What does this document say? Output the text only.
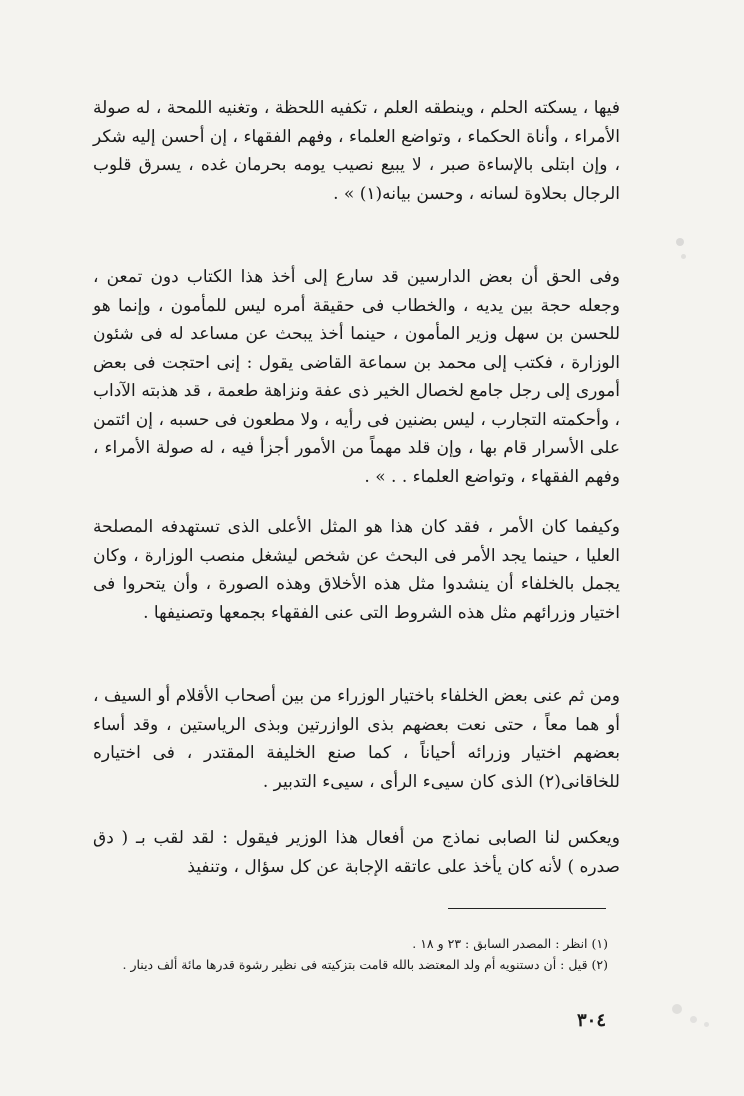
فيها ، يسكته الحلم ، وينطقه العلم ، تكفيه اللحظة ، وتغنيه اللمحة ، له صولة الأمراء ، وأناة الحكماء ، وتواضع العلماء ، وفهم الفقهاء ، إن أحسن إليه شكر ، وإن ابتلى بالإساءة صبر ، لا يبيع نصيب يومه بحرمان غده ، يسرق قلوب الرجال بحلاوة لسانه ، وحسن بيانه(١) » .
وفى الحق أن بعض الدارسين قد سارع إلى أخذ هذا الكتاب دون تمعن ، وجعله حجة بين يديه ، والخطاب فى حقيقة أمره ليس للمأمون ، وإنما هو للحسن بن سهل وزير المأمون ، حينما أخذ يبحث عن مساعد له فى شئون الوزارة ، فكتب إلى محمد بن سماعة القاضى يقول : إنى احتجت فى بعض أمورى إلى رجل جامع لخصال الخير ذى عفة ونزاهة طعمة ، قد هذبته الآداب ، وأحكمته التجارب ، ليس بضنين فى رأيه ، ولا مطعون فى حسبه ، إن ائتمن على الأسرار قام بها ، وإن قلد مهماً من الأمور أجزأ فيه ، له صولة الأمراء ، وفهم الفقهاء ، وتواضع العلماء . . » .
وكيفما كان الأمر ، فقد كان هذا هو المثل الأعلى الذى تستهدفه المصلحة العليا ، حينما يجد الأمر فى البحث عن شخص ليشغل منصب الوزارة ، وكان يجمل بالخلفاء أن ينشدوا مثل هذه الأخلاق وهذه الصورة ، وأن يتحروا فى اختيار وزرائهم مثل هذه الشروط التى عنى الفقهاء بجمعها وتصنيفها .
ومن ثم عنى بعض الخلفاء باختيار الوزراء من بين أصحاب الأقلام أو السيف ، أو هما معاً ، حتى نعت بعضهم بذى الوازرتين وبذى الرياستين ، وقد أساء بعضهم اختيار وزرائه أحياناً ، كما صنع الخليفة المقتدر ، فى اختياره للخاقانى(٢) الذى كان سيىء الرأى ، سيىء التدبير .
ويعكس لنا الصابى نماذج من أفعال هذا الوزير فيقول : لقد لقب بـ ( دق صدره ) لأنه كان يأخذ على عاتقه الإجابة عن كل سؤال ، وتنفيذ

(١) انظر : المصدر السابق : ٢٣ و ١٨ .

(٢) قيل : أن دستنويه أم ولد المعتضد بالله قامت بتزكيته فى نظير رشوة قدرها مائة ألف دينار .

٣٠٤
